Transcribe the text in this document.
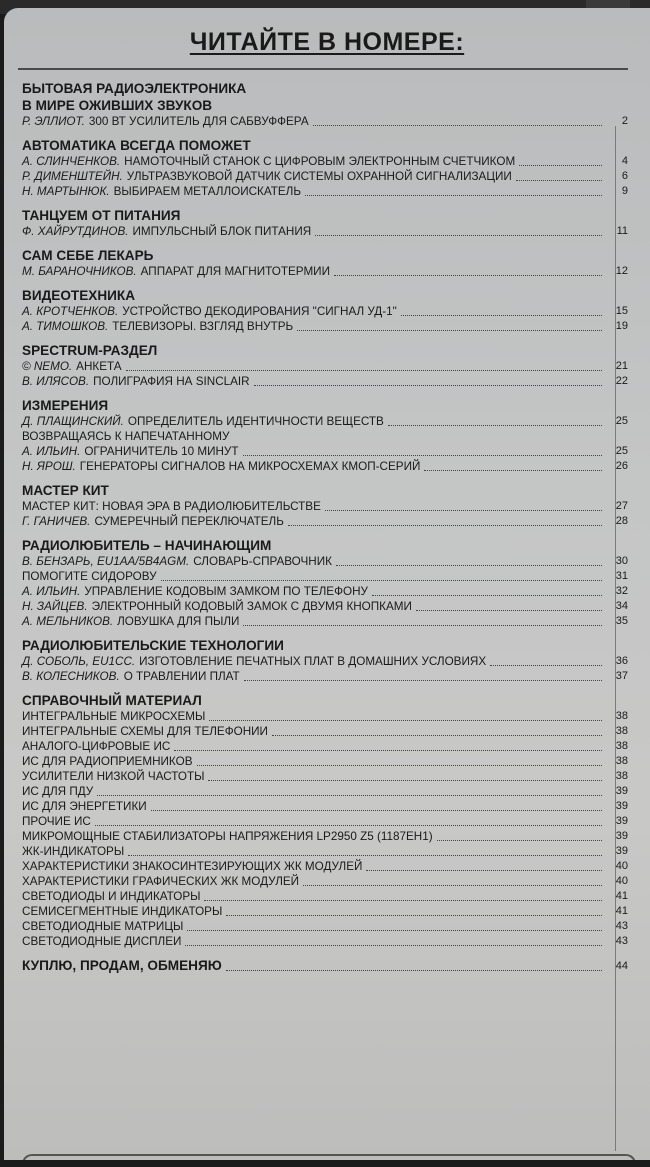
ЧИТАЙТЕ В НОМЕРЕ:
БЫТОВАЯ РАДИОЭЛЕКТРОНИКА
В МИРЕ ОЖИВШИХ ЗВУКОВ
Р. ЭЛЛИОТ. 300 ВТ УСИЛИТЕЛЬ ДЛЯ САБВУФФЕРА	2
АВТОМАТИКА ВСЕГДА ПОМОЖЕТ
А. СЛИНЧЕНКОВ. НАМОТОЧНЫЙ СТАНОК С ЦИФРОВЫМ ЭЛЕКТРОННЫМ СЧЕТЧИКОМ	4
Р. ДИМЕНШТЕЙН. УЛЬТРАЗВУКОВОЙ ДАТЧИК СИСТЕМЫ ОХРАННОЙ СИГНАЛИЗАЦИИ	6
Н. МАРТЫНЮК. ВЫБИРАЕМ МЕТАЛЛОИСКАТЕЛЬ	9
ТАНЦУЕМ ОТ ПИТАНИЯ
Ф. ХАЙРУТДИНОВ. ИМПУЛЬСНЫЙ БЛОК ПИТАНИЯ	11
САМ СЕБЕ ЛЕКАРЬ
М. БАРАНОЧНИКОВ. АППАРАТ ДЛЯ МАГНИТОТЕРМИИ	12
ВИДЕОТЕХНИКА
А. КРОТЧЕНКОВ. УСТРОЙСТВО ДЕКОДИРОВАНИЯ "СИГНАЛ УД-1"	15
А. ТИМОШКОВ. ТЕЛЕВИЗОРЫ. ВЗГЛЯД ВНУТРЬ	19
SPECTRUM-РАЗДЕЛ
© NEMO. АНКЕТА	21
В. ИЛЯСОВ. ПОЛИГРАФИЯ НА SINCLAIR	22
ИЗМЕРЕНИЯ
Д. ПЛАЩИНСКИЙ. ОПРЕДЕЛИТЕЛЬ ИДЕНТИЧНОСТИ ВЕЩЕСТВ	25
ВОЗВРАЩАЯСЬ К НАПЕЧАТАННОМУ
А. ИЛЬИН. ОГРАНИЧИТЕЛЬ 10 МИНУТ	25
Н. ЯРОШ. ГЕНЕРАТОРЫ СИГНАЛОВ НА МИКРОСХЕМАХ КМОП-СЕРИЙ	26
МАСТЕР КИТ
МАСТЕР КИТ: НОВАЯ ЭРА В РАДИОЛЮБИТЕЛЬСТВЕ	27
Г. ГАНИЧЕВ. СУМЕРЕЧНЫЙ ПЕРЕКЛЮЧАТЕЛЬ	28
РАДИОЛЮБИТЕЛЬ – НАЧИНАЮЩИМ
В. БЕНЗАРЬ, EU1AA/5B4AGM. СЛОВАРЬ-СПРАВОЧНИК	30
ПОМОГИТЕ СИДОРОВУ	31
А. ИЛЬИН. УПРАВЛЕНИЕ КОДОВЫМ ЗАМКОМ ПО ТЕЛЕФОНУ	32
Н. ЗАЙЦЕВ. ЭЛЕКТРОННЫЙ КОДОВЫЙ ЗАМОК С ДВУМЯ КНОПКАМИ	34
А. МЕЛЬНИКОВ. ЛОВУШКА ДЛЯ ПЫЛИ	35
РАДИОЛЮБИТЕЛЬСКИЕ ТЕХНОЛОГИИ
Д. СОБОЛЬ, EU1CC. ИЗГОТОВЛЕНИЕ ПЕЧАТНЫХ ПЛАТ В ДОМАШНИХ УСЛОВИЯХ	36
В. КОЛЕСНИКОВ. О ТРАВЛЕНИИ ПЛАТ	37
СПРАВОЧНЫЙ МАТЕРИАЛ
ИНТЕГРАЛЬНЫЕ МИКРОСХЕМЫ	38
ИНТЕГРАЛЬНЫЕ СХЕМЫ ДЛЯ ТЕЛЕФОНИИ	38
АНАЛОГО-ЦИФРОВЫЕ ИС	38
ИС ДЛЯ РАДИОПРИЕМНИКОВ	38
УСИЛИТЕЛИ НИЗКОЙ ЧАСТОТЫ	38
ИС ДЛЯ ПДУ	39
ИС ДЛЯ ЭНЕРГЕТИКИ	39
ПРОЧИЕ ИС	39
МИКРОМОЩНЫЕ СТАБИЛИЗАТОРЫ НАПРЯЖЕНИЯ LP2950 Z5 (1187ЕН1)	39
ЖК-ИНДИКАТОРЫ	39
ХАРАКТЕРИСТИКИ ЗНАКОСИНТЕЗИРУЮЩИХ ЖК МОДУЛЕЙ	40
ХАРАКТЕРИСТИКИ ГРАФИЧЕСКИХ ЖК МОДУЛЕЙ	40
СВЕТОДИОДЫ И ИНДИКАТОРЫ	41
СЕМИСЕГМЕНТНЫЕ ИНДИКАТОРЫ	41
СВЕТОДИОДНЫЕ МАТРИЦЫ	43
СВЕТОДИОДНЫЕ ДИСПЛЕИ	43
КУПЛЮ, ПРОДАМ, ОБМЕНЯЮ	44
